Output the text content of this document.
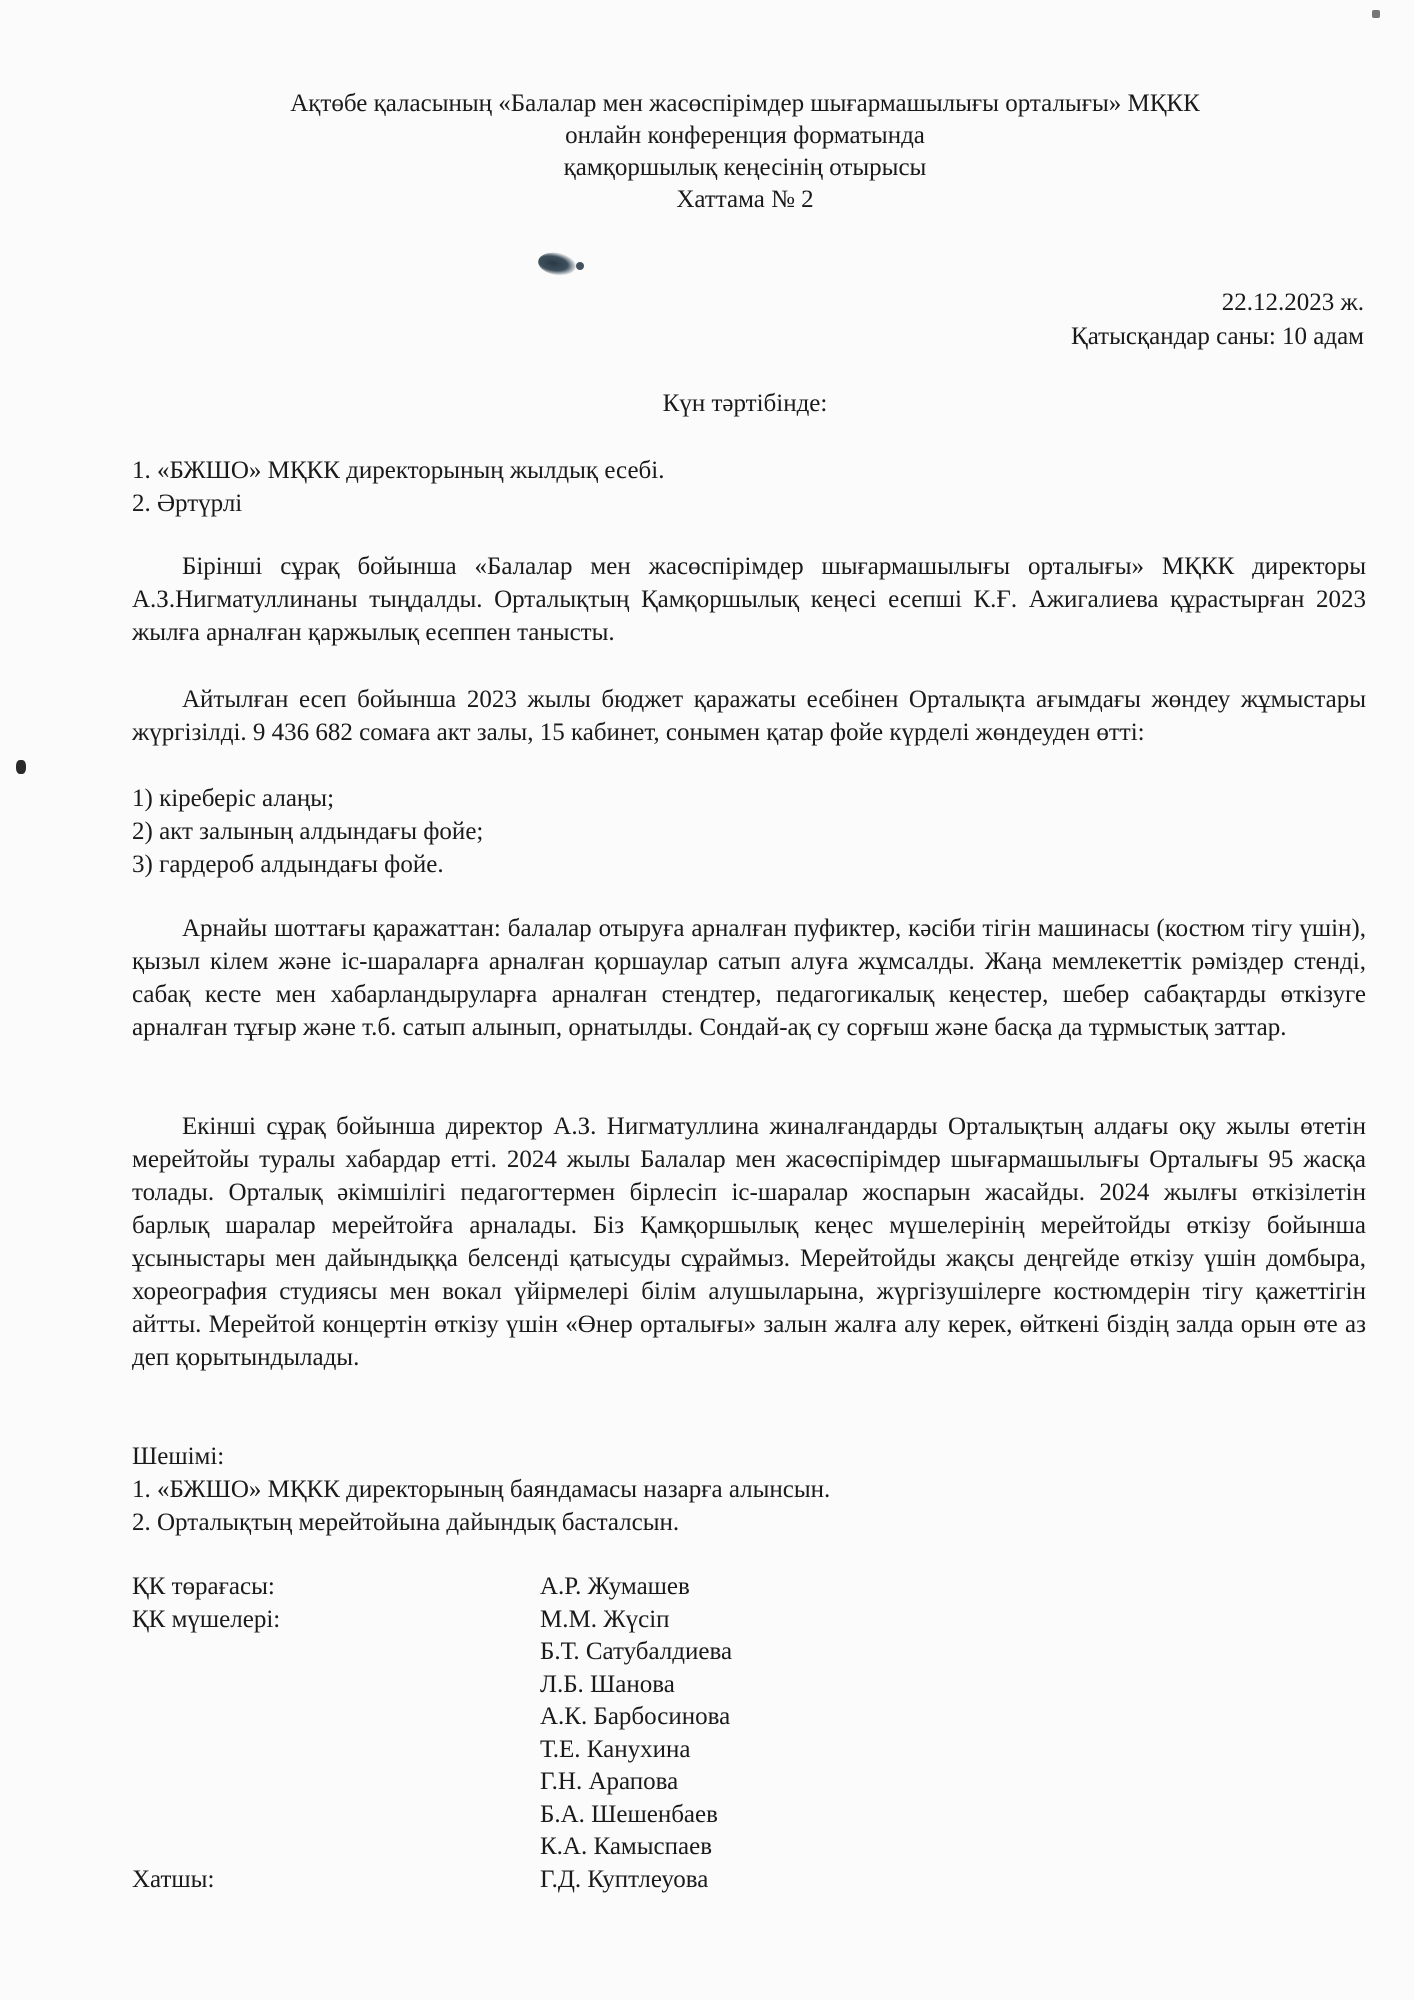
Ақтөбе қаласының «Балалар мен жасөспірімдер шығармашылығы орталығы» МҚКК
онлайн конференция форматында
қамқоршылық кеңесінің отырысы
Хаттама № 2
22.12.2023 ж.
Қатысқандар саны: 10 адам
Күн тәртібінде:
1. «БЖШО» МҚКК директорының жылдық есебі.
2. Әртүрлі
Бірінші сұрақ бойынша «Балалар мен жасөспірімдер шығармашылығы орталығы» МҚКК директоры А.З.Нигматуллинаны тыңдалды. Орталықтың Қамқоршылық кеңесі есепші К.Ғ. Ажигалиева құрастырған 2023 жылға арналған қаржылық есеппен танысты.
Айтылған есеп бойынша 2023 жылы бюджет қаражаты есебінен Орталықта ағымдағы жөндеу жұмыстары жүргізілді. 9 436 682 сомаға акт залы, 15 кабинет, сонымен қатар фойе күрделі жөндеуден өтті:
1) кіреберіс алаңы;
2) акт залының алдындағы фойе;
3) гардероб алдындағы фойе.
Арнайы шоттағы қаражаттан: балалар отыруға арналған пуфиктер, кәсіби тігін машинасы (костюм тігу үшін), қызыл кілем және іс-шараларға арналған қоршаулар сатып алуға жұмсалды. Жаңа мемлекеттік рәміздер стенді, сабақ кесте мен хабарландыруларға арналған стендтер, педагогикалық кеңестер, шебер сабақтарды өткізуге арналған тұғыр және т.б. сатып алынып, орнатылды. Сондай-ақ су сорғыш және басқа да тұрмыстық заттар.
Екінші сұрақ бойынша директор А.З. Нигматуллина жиналғандарды Орталықтың алдағы оқу жылы өтетін мерейтойы туралы хабардар етті. 2024 жылы Балалар мен жасөспірімдер шығармашылығы Орталығы 95 жасқа толады. Орталық әкімшілігі педагогтермен бірлесіп іс-шаралар жоспарын жасайды. 2024 жылғы өткізілетін барлық шаралар мерейтойға арналады. Біз Қамқоршылық кеңес мүшелерінің мерейтойды өткізу бойынша ұсыныстары мен дайындыққа белсенді қатысуды сұраймыз. Мерейтойды жақсы деңгейде өткізу үшін домбыра, хореография студиясы мен вокал үйірмелері білім алушыларына, жүргізушілерге костюмдерін тігу қажеттігін айтты. Мерейтой концертін өткізу үшін «Өнер орталығы» залын жалға алу керек, өйткені біздің залда орын өте аз деп қорытындылады.
Шешімі:
1. «БЖШО» МҚКК директорының баяндамасы назарға алынсын.
2. Орталықтың мерейтойына дайындық басталсын.
ҚК төрағасы:
ҚК мүшелері:
А.Р. Жумашев
М.М. Жүсіп
Б.Т. Сатубалдиева
Л.Б. Шанова
А.К. Барбосинова
Т.Е. Канухина
Г.Н. Арапова
Б.А. Шешенбаев
К.А. Камыспаев
Г.Д. Куптлеуова
Хатшы:
